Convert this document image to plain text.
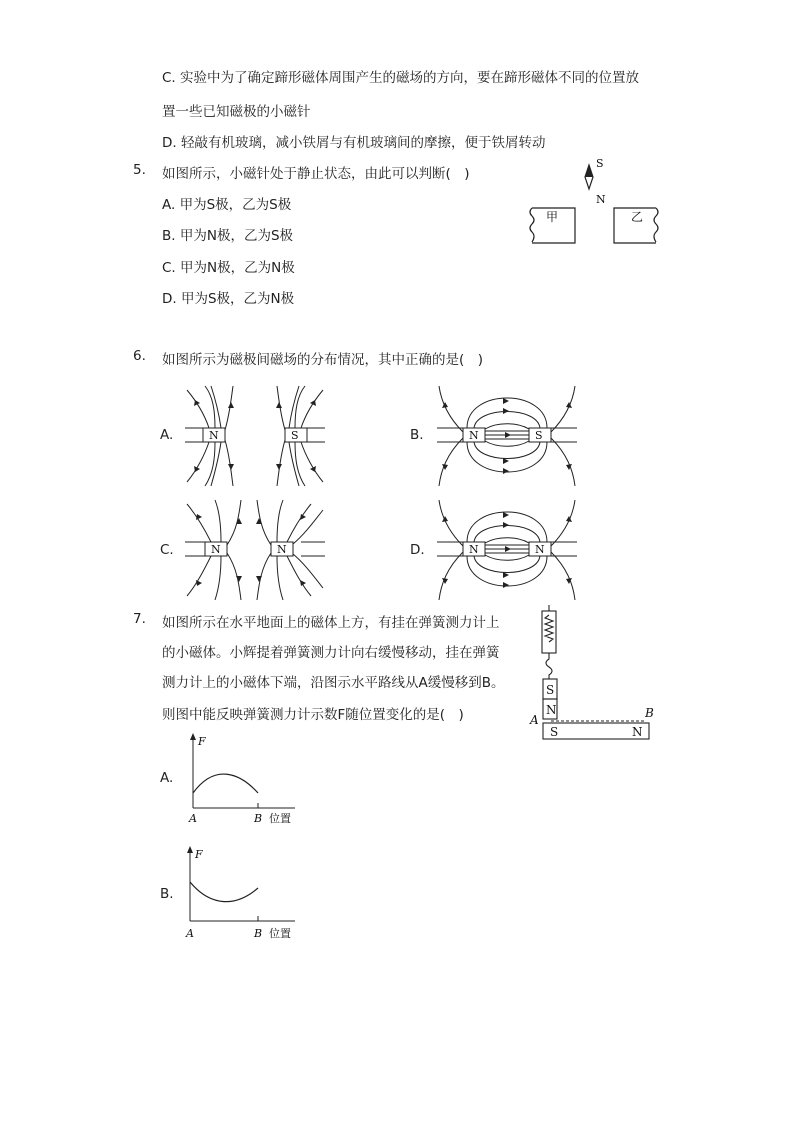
C. 实验中为了确定蹄形磁体周围产生的磁场的方向，要在蹄形磁体不同的位置放
置一些已知磁极的小磁针
D. 轻敲有机玻璃，减小铁屑与有机玻璃间的摩擦，便于铁屑转动
5. 如图所示，小磁针处于静止状态，由此可以判断(　)
A. 甲为S极，乙为S极
B. 甲为N极，乙为S极
C. 甲为N极，乙为N极
D. 甲为S极，乙为N极
S
N
甲	乙
6. 如图所示为磁极间磁场的分布情况，其中正确的是(　)
A.	B.
C.	D.
N	S	N	S
N	N	N	N
7. 如图所示在水平地面上的磁体上方，有挂在弹簧测力计上
的小磁体。小辉提着弹簧测力计向右缓慢移动，挂在弹簧
测力计上的小磁体下端，沿图示水平路线从A缓慢移到B。
则图中能反映弹簧测力计示数F随位置变化的是(　)
S
N
A	B
S	N
A.
F
A	B 位置
B.
F
A	B 位置
